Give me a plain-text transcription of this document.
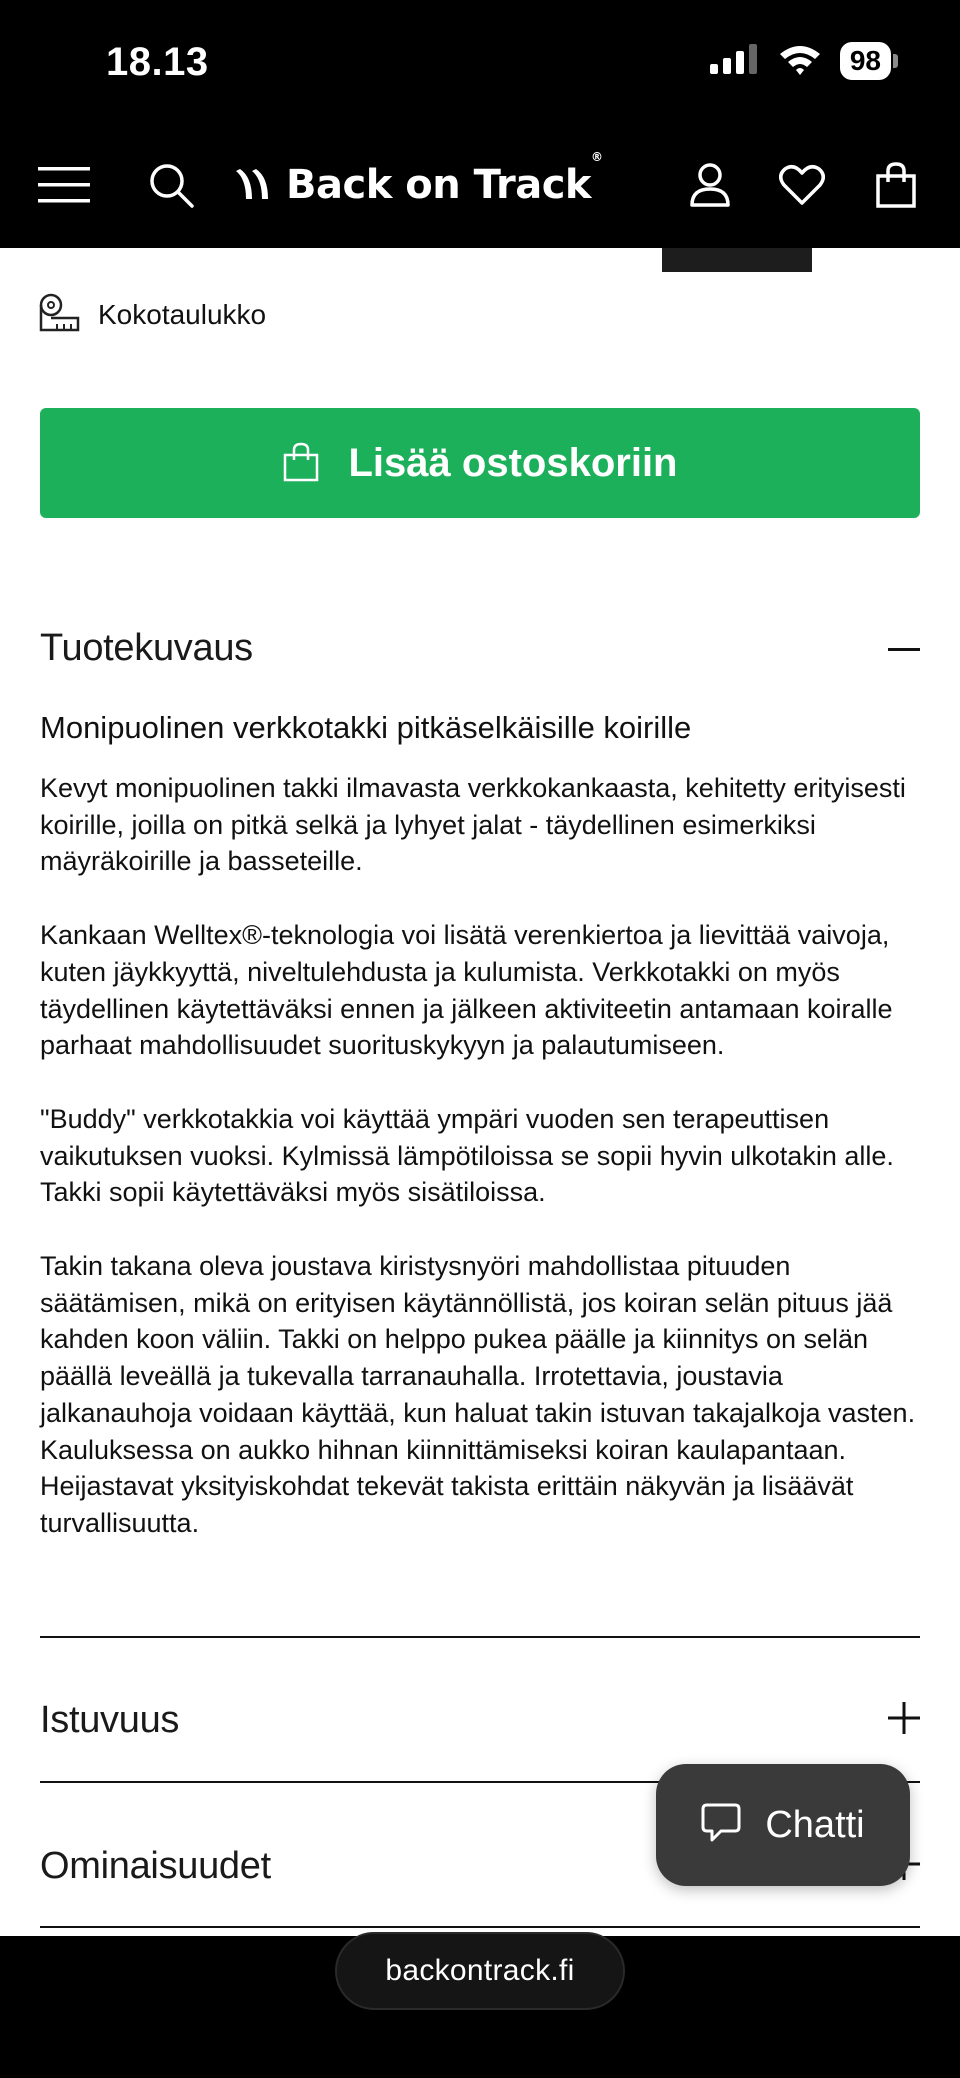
18.13	98
Back on Track®
Kokotaulukko
Lisää ostoskoriin
Tuotekuvaus
Monipuolinen verkkotakki pitkäselkäisille koirille

Kevyt monipuolinen takki ilmavasta verkkokankaasta, kehitetty erityisesti koirille, joilla on pitkä selkä ja lyhyet jalat - täydellinen esimerkiksi mäyräkoirille ja basseteille.

Kankaan Welltex®-teknologia voi lisätä verenkiertoa ja lievittää vaivoja, kuten jäykkyyttä, niveltulehdusta ja kulumista. Verkkotakki on myös täydellinen käytettäväksi ennen ja jälkeen aktiviteetin antamaan koiralle parhaat mahdollisuudet suorituskykyyn ja palautumiseen.

"Buddy" verkkotakkia voi käyttää ympäri vuoden sen terapeuttisen vaikutuksen vuoksi. Kylmissä lämpötiloissa se sopii hyvin ulkotakin alle. Takki sopii käytettäväksi myös sisätiloissa.

Takin takana oleva joustava kiristysnyöri mahdollistaa pituuden säätämisen, mikä on erityisen käytännöllistä, jos koiran selän pituus jää kahden koon väliin. Takki on helppo pukea päälle ja kiinnitys on selän päällä leveällä ja tukevalla tarranauhalla. Irrotettavia, joustavia jalkanauhoja voidaan käyttää, kun haluat takin istuvan takajalkoja vasten. Kauluksessa on aukko hihnan kiinnittämiseksi koiran kaulapantaan. Heijastavat yksityiskohdat tekevät takista erittäin näkyvän ja lisäävät turvallisuutta.

Istuvuus
Ominaisuudet
Chatti
backontrack.fi
